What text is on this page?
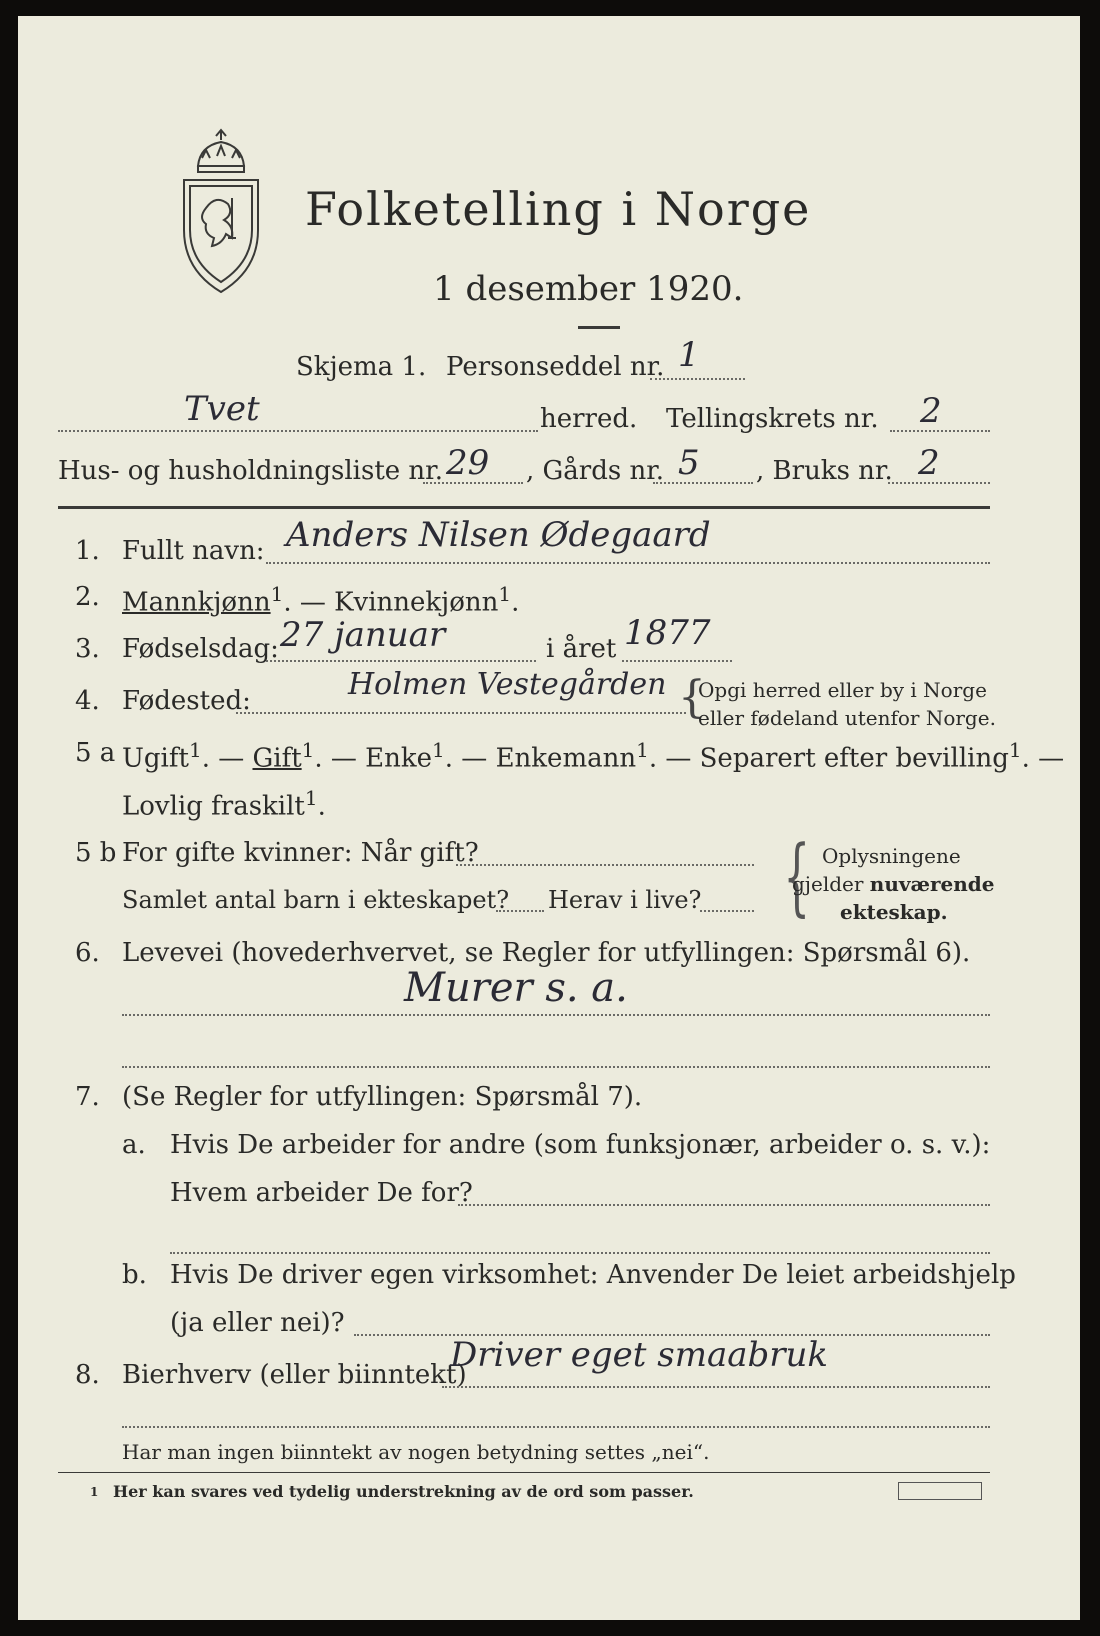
Folketelling i Norge
1 desember 1920.
Skjema 1. Personseddel nr. 1
Tvet	herred. Tellingskrets nr. 2
Hus- og husholdningsliste nr. 29 , Gårds nr. 5 , Bruks nr. 2
1. Fullt navn: Anders Nilsen Ødegaard
2. Mannkjønn$^1$. — Kvinnekjønn$^1$.
3. Fødselsdag: 27 januar	i året 1877
4. Fødested:	Holmen Vestegården {
Opgi herred eller by i Norge
eller fødeland utenfor Norge.
5 a Ugift$^1$. — Gift$^1$. — Enke$^1$. — Enkemann$^1$. — Separert efter bevilling$^1$. —
Lovlig fraskilt$^1$.
5 b For gifte kvinner: Når gift?
Samlet antal barn i ekteskapet? Herav i live? { Oplysningene
gjelder nuværende
ekteskap.
6. Levevei (hovederhvervet, se Regler for utfyllingen: Spørsmål 6).
Murer s. a.
7. (Se Regler for utfyllingen: Spørsmål 7).
a. Hvis De arbeider for andre (som funksjonær, arbeider o. s. v.):
Hvem arbeider De for?
b. Hvis De driver egen virksomhet: Anvender De leiet arbeidshjelp
(ja eller nei)?
8. Bierhverv (eller biinntekt)
Driver eget smaabruk
Har man ingen biinntekt av nogen betydning settes „nei“.
1 Her kan svares ved tydelig understrekning av de ord som passer.
